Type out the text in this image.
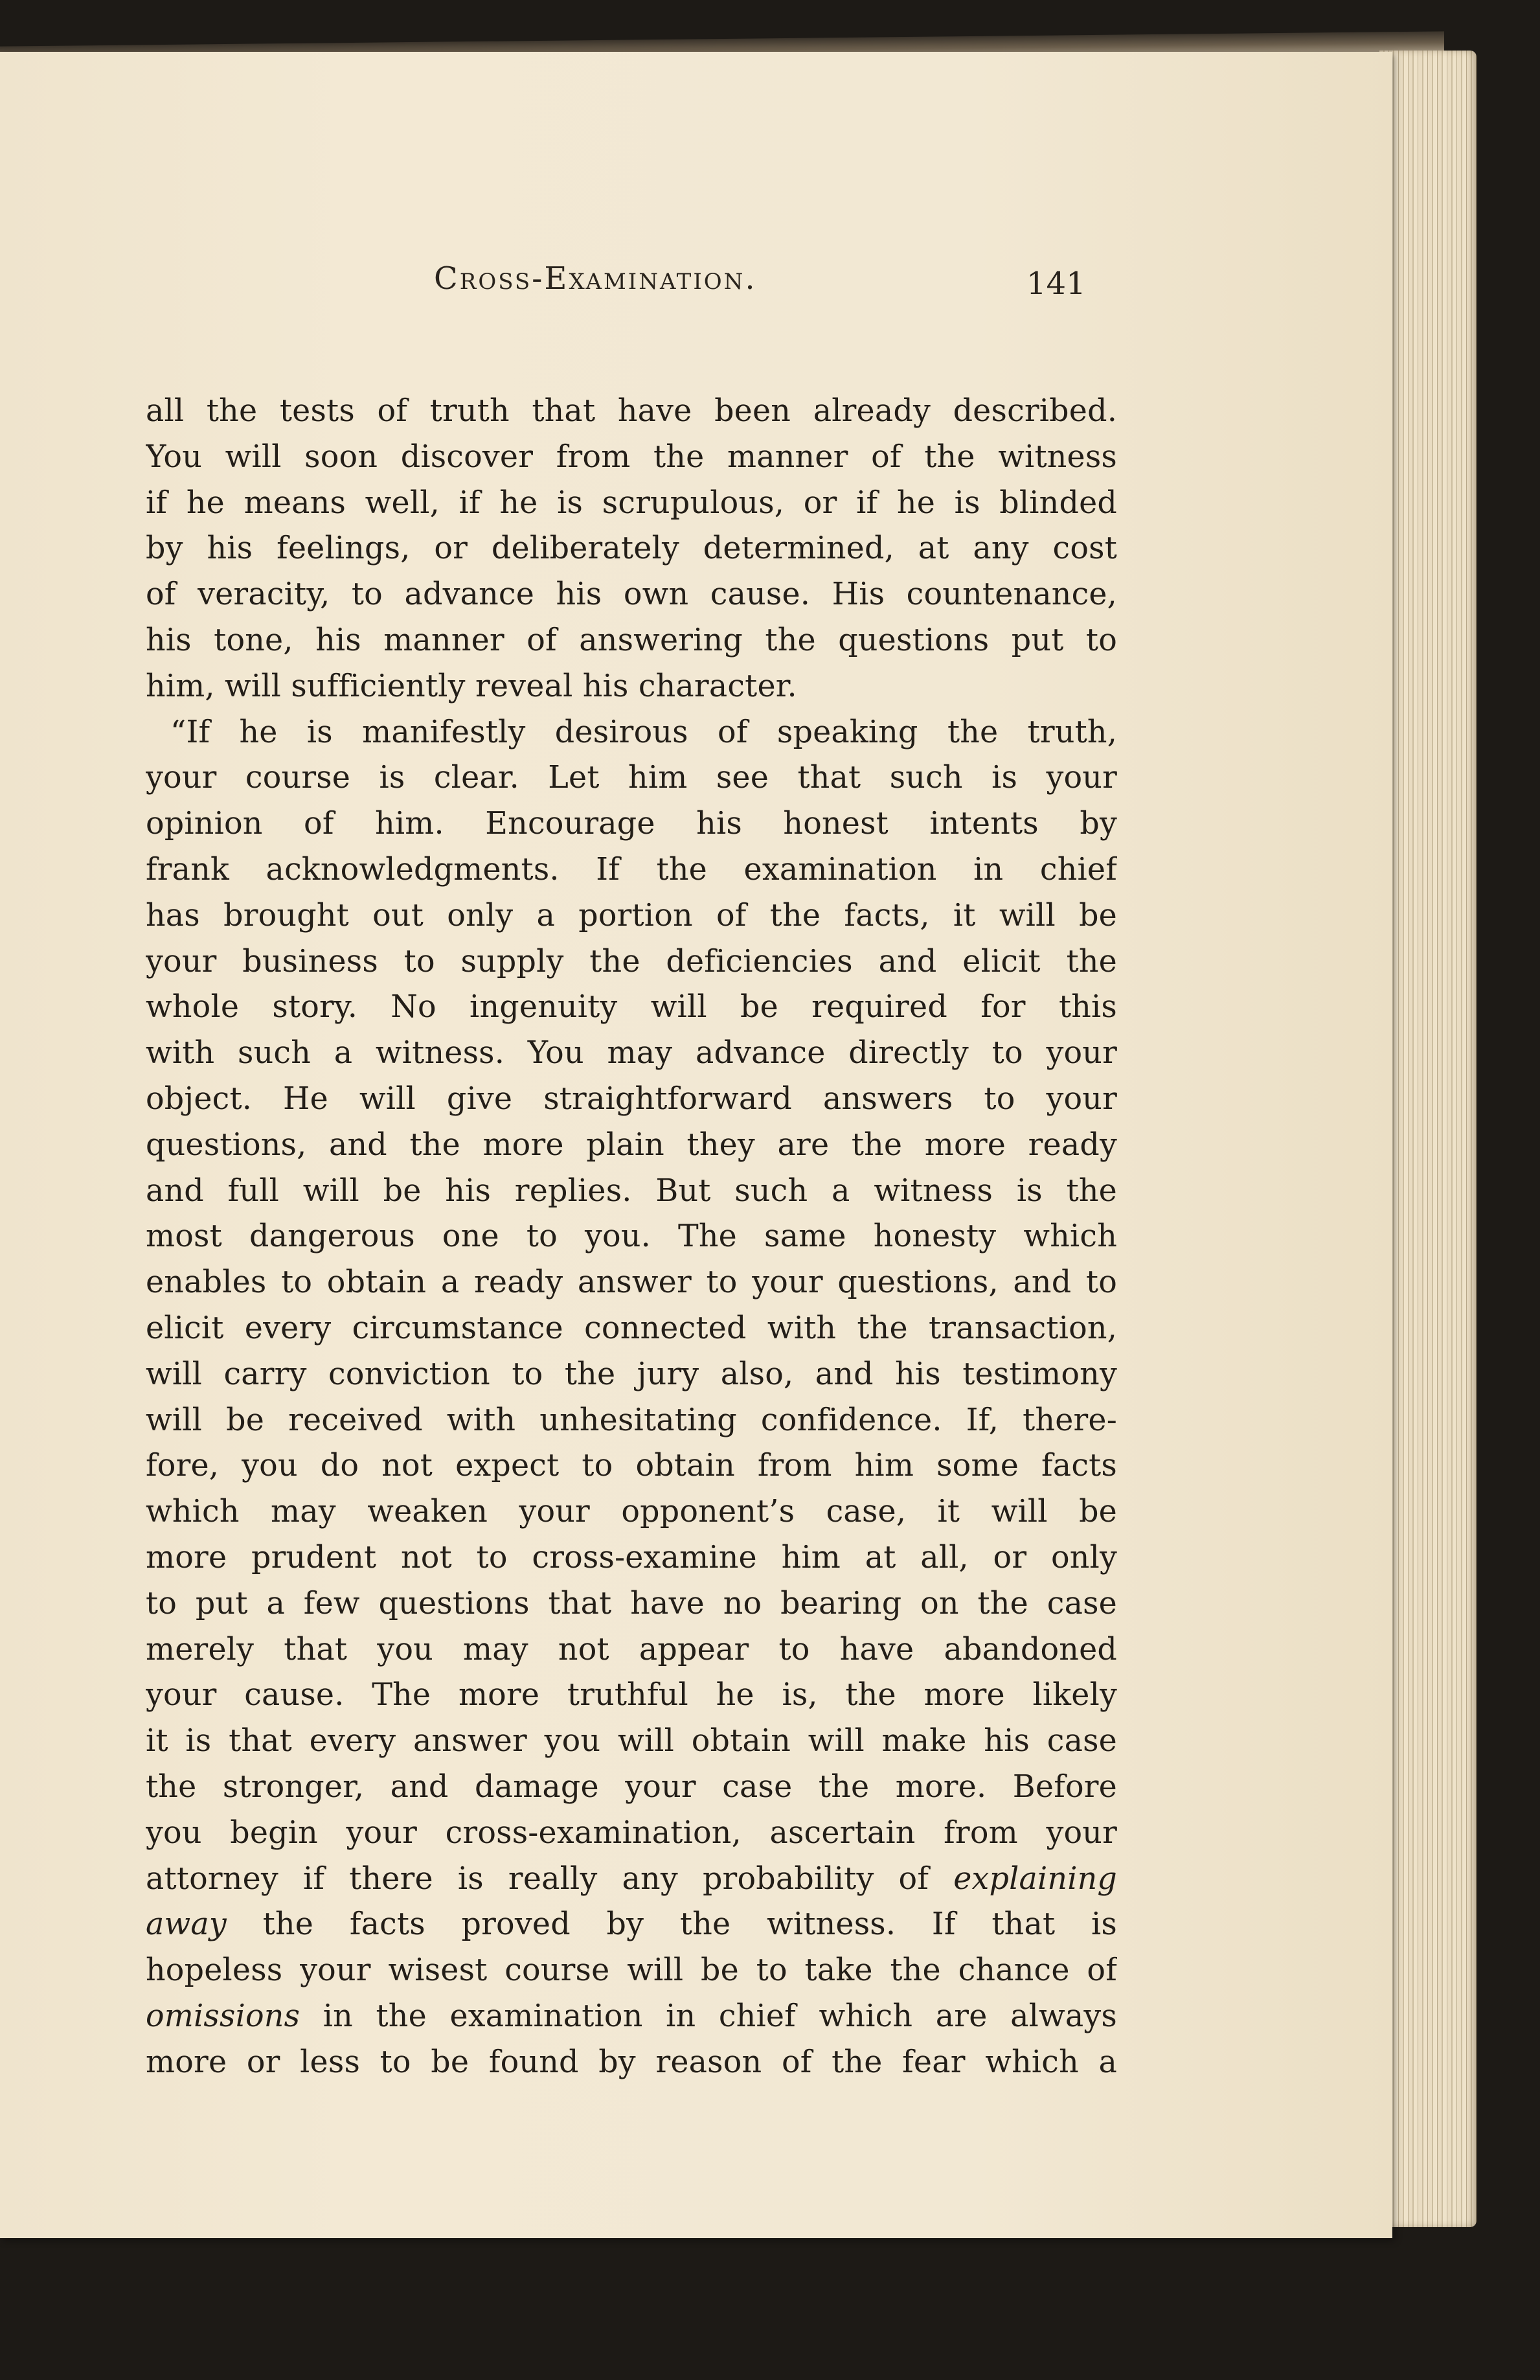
Cross-Examination.	141
all the tests of truth that have been already described.
You will soon discover from the manner of the witness
if he means well, if he is scrupulous, or if he is blinded
by his feelings, or deliberately determined, at any cost
of veracity, to advance his own cause. His countenance,
his tone, his manner of answering the questions put to
him, will sufficiently reveal his character.
“If he is manifestly desirous of speaking the truth,
your course is clear. Let him see that such is your
opinion of him. Encourage his honest intents by
frank acknowledgments. If the examination in chief
has brought out only a portion of the facts, it will be
your business to supply the deficiencies and elicit the
whole story. No ingenuity will be required for this
with such a witness. You may advance directly to your
object. He will give straightforward answers to your
questions, and the more plain they are the more ready
and full will be his replies. But such a witness is the
most dangerous one to you. The same honesty which
enables to obtain a ready answer to your questions, and to
elicit every circumstance connected with the transaction,
will carry conviction to the jury also, and his testimony
will be received with unhesitating confidence. If, there-
fore, you do not expect to obtain from him some facts
which may weaken your opponent’s case, it will be
more prudent not to cross-examine him at all, or only
to put a few questions that have no bearing on the case
merely that you may not appear to have abandoned
your cause. The more truthful he is, the more likely
it is that every answer you will obtain will make his case
the stronger, and damage your case the more. Before
you begin your cross-examination, ascertain from your
attorney if there is really any probability of explaining
away the facts proved by the witness. If that is
hopeless your wisest course will be to take the chance of
omissions in the examination in chief which are always
more or less to be found by reason of the fear which a
